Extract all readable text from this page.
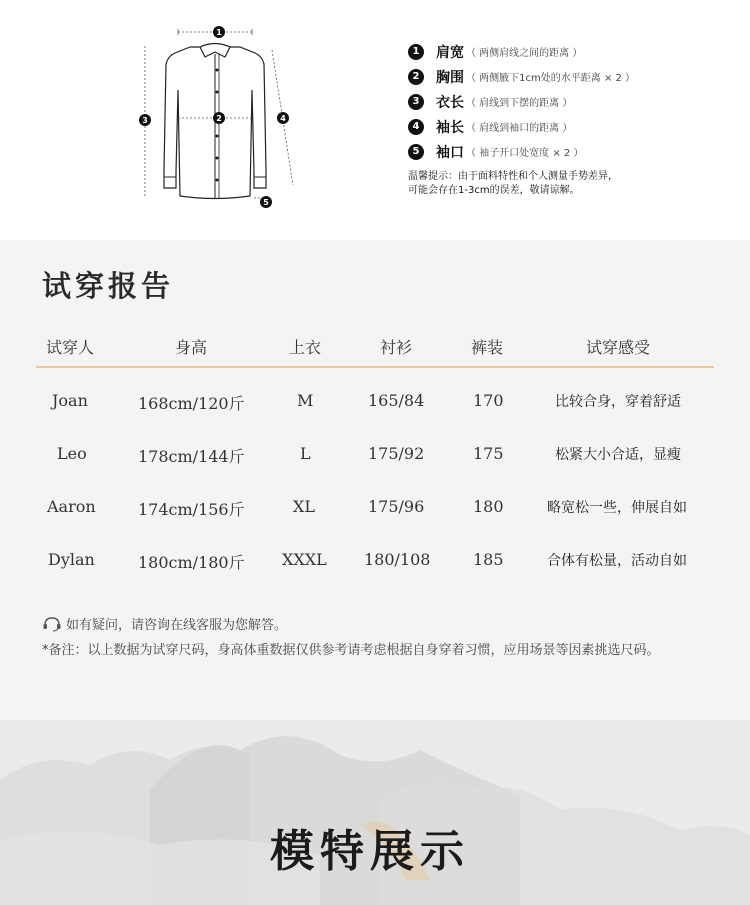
1
2
3	4
5
1	肩宽 （ 两侧肩线之间的距离 ）
2	胸围 （ 两侧腋下1cm处的水平距离 × 2 ）
3	衣长 （ 肩线到下摆的距离 ）
4	袖长 （ 肩线到袖口的距离 ）
5	袖口 （ 袖子开口处宽度 × 2 ）
温馨提示：由于面料特性和个人测量手势差异，
可能会存在1-3cm的误差，敬请谅解。
试穿报告
试穿人	身高	上衣	衬衫	裤装	试穿感受
Joan	168cm/120斤	M	165/84	170	比较合身，穿着舒适
Leo	178cm/144斤	L	175/92	175	松紧大小合适，显瘦
Aaron	174cm/156斤	XL	175/96	180	略宽松一些，伸展自如
Dylan	180cm/180斤 XXXL 180/108	185	合体有松量，活动自如
如有疑问，请咨询在线客服为您解答。
*备注：以上数据为试穿尺码，身高体重数据仅供参考请考虑根据自身穿着习惯，应用场景等因素挑选尺码。
模特展示
